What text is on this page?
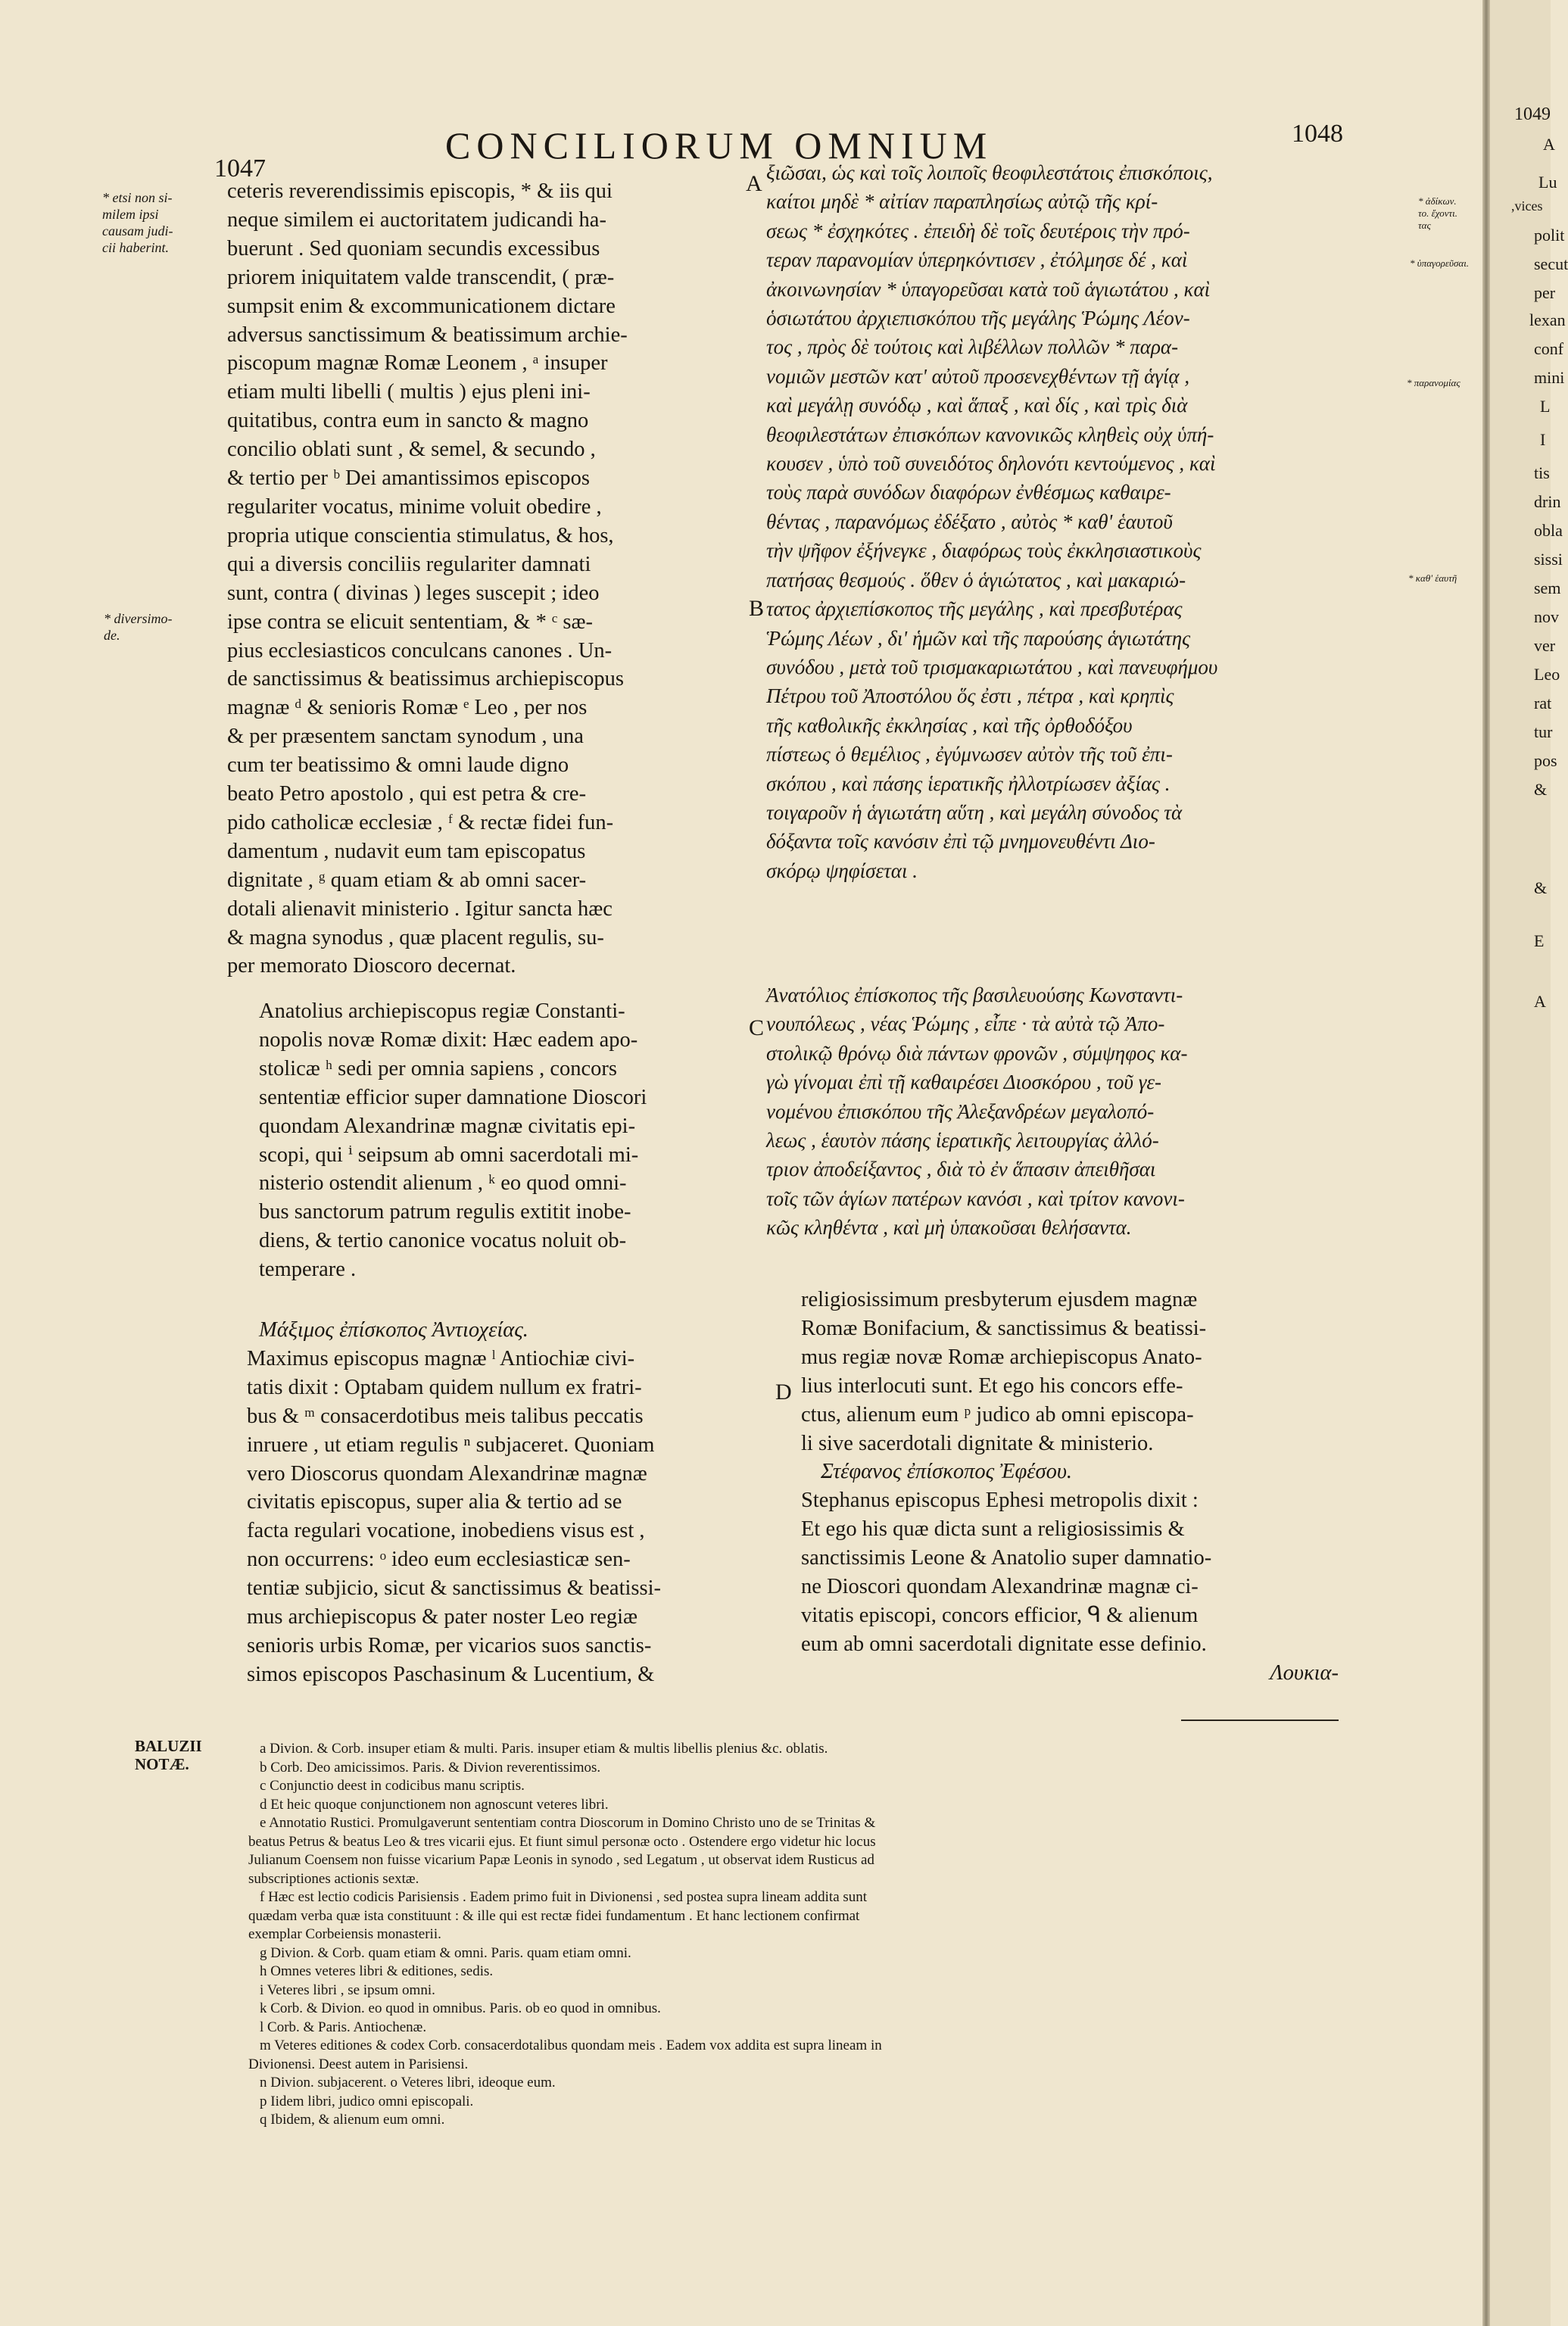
1047
CONCILIORUM OMNIUM	1048
* etsi non si-
milem ipsi
causam judi-
cii haberint.
* diversimo-
de.
* ἀδίκων.
το. ἔχοντι.
τας
* ὑπαγορεῦσαι.
* παρανομίας
* καθ' ἑαυτῆ
A
B
C
D
ceteris reverendissimis episcopis, * & iis qui
neque similem ei auctoritatem judicandi ha-
buerunt . Sed quoniam secundis excessibus
priorem iniquitatem valde transcendit, ( præ-
sumpsit enim & excommunicationem dictare
adversus sanctissimum & beatissimum archie-
piscopum magnæ Romæ Leonem , ᵃ insuper
etiam multi libelli ( multis ) ejus pleni ini-
quitatibus, contra eum in sancto & magno
concilio oblati sunt , & semel, & secundo ,
& tertio per ᵇ Dei amantissimos episcopos
regulariter vocatus, minime voluit obedire ,
propria utique conscientia stimulatus, & hos,
qui a diversis conciliis regulariter damnati
sunt, contra ( divinas ) leges suscepit ; ideo
ipse contra se elicuit sententiam, & * ᶜ sæ-
pius ecclesiasticos conculcans canones . Un-
de sanctissimus & beatissimus archiepiscopus
magnæ ᵈ & senioris Romæ ᵉ Leo , per nos
& per præsentem sanctam synodum , una
cum ter beatissimo & omni laude digno
beato Petro apostolo , qui est petra & cre-
pido catholicæ ecclesiæ , ᶠ & rectæ fidei fun-
damentum , nudavit eum tam episcopatus
dignitate , ᵍ quam etiam & ab omni sacer-
dotali alienavit ministerio . Igitur sancta hæc
& magna synodus , quæ placent regulis, su-
per memorato Dioscoro decernat.
Anatolius archiepiscopus regiæ Constanti-
nopolis novæ Romæ dixit: Hæc eadem apo-
stolicæ ʰ sedi per omnia sapiens , concors
sententiæ efficior super damnatione Dioscori
quondam Alexandrinæ magnæ civitatis epi-
scopi, qui ⁱ seipsum ab omni sacerdotali mi-
nisterio ostendit alienum , ᵏ eo quod omni-
bus sanctorum patrum regulis extitit inobe-
diens, & tertio canonice vocatus noluit ob-
temperare .
ξιῶσαι, ὡς καὶ τοῖς λοιποῖς θεοφιλεστάτοις ἐπισκόποις,
καίτοι μηδὲ * αἰτίαν παραπλησίως αὐτῷ τῆς κρί-
σεως * ἐσχηκότες . ἐπειδὴ δὲ τοῖς δευτέροις τὴν πρό-
τεραν παρανομίαν ὑπερηκόντισεν , ἐτόλμησε δέ , καὶ
ἀκοινωνησίαν * ὑπαγορεῦσαι κατὰ τοῦ ἁγιωτάτου , καὶ
ὁσιωτάτου ἀρχιεπισκόπου τῆς μεγάλης Ῥώμης Λέον-
τος , πρὸς δὲ τούτοις καὶ λιβέλλων πολλῶν * παρα-
νομιῶν μεστῶν κατ' αὐτοῦ προσενεχθέντων τῇ ἁγίᾳ ,
καὶ μεγάλῃ συνόδῳ , καὶ ἅπαξ , καὶ δίς , καὶ τρὶς διὰ
θεοφιλεστάτων ἐπισκόπων κανονικῶς κληθεὶς οὐχ ὑπή-
κουσεν , ὑπὸ τοῦ συνειδότος δηλονότι κεντούμενος , καὶ
τοὺς παρὰ συνόδων διαφόρων ἐνθέσμως καθαιρε-
θέντας , παρανόμως ἐδέξατο , αὐτὸς * καθ' ἑαυτοῦ
τὴν ψῆφον ἐξήνεγκε , διαφόρως τοὺς ἐκκλησιαστικοὺς
πατήσας θεσμούς . ὅθεν ὁ ἁγιώτατος , καὶ μακαριώ-
τατος ἀρχιεπίσκοπος τῆς μεγάλης , καὶ πρεσβυτέρας
Ῥώμης Λέων , δι' ἡμῶν καὶ τῆς παρούσης ἁγιωτάτης
συνόδου , μετὰ τοῦ τρισμακαριωτάτου , καὶ πανευφήμου
Πέτρου τοῦ Ἀποστόλου ὅς ἐστι , πέτρα , καὶ κρηπὶς
τῆς καθολικῆς ἐκκλησίας , καὶ τῆς ὀρθοδόξου
πίστεως ὁ θεμέλιος , ἐγύμνωσεν αὐτὸν τῆς τοῦ ἐπι-
σκόπου , καὶ πάσης ἱερατικῆς ἠλλοτρίωσεν ἀξίας .
τοιγαροῦν ἡ ἁγιωτάτη αὕτη , καὶ μεγάλη σύνοδος τὰ
δόξαντα τοῖς κανόσιν ἐπὶ τῷ μνημονευθέντι Διο-
σκόρῳ ψηφίσεται .
Ἀνατόλιος ἐπίσκοπος τῆς βασιλευούσης Κωνσταντι-
νουπόλεως , νέας Ῥώμης , εἶπε · τὰ αὐτὰ τῷ Ἀπο-
στολικῷ θρόνῳ διὰ πάντων φρονῶν , σύμψηφος κα-
γὼ γίνομαι ἐπὶ τῇ καθαιρέσει Διοσκόρου , τοῦ γε-
νομένου ἐπισκόπου τῆς Ἀλεξανδρέων μεγαλοπό-
λεως , ἑαυτὸν πάσης ἱερατικῆς λειτουργίας ἀλλό-
τριον ἀποδείξαντος , διὰ τὸ ἐν ἅπασιν ἀπειθῆσαι
τοῖς τῶν ἁγίων πατέρων κανόσι , καὶ τρίτον κανονι-
κῶς κληθέντα , καὶ μὴ ὑπακοῦσαι θελήσαντα.
Μάξιμος ἐπίσκοπος Ἀντιοχείας.
Maximus episcopus magnæ ˡ Antiochiæ civi-
tatis dixit : Optabam quidem nullum ex fratri-
bus & ᵐ consacerdotibus meis talibus peccatis
inruere , ut etiam regulis ⁿ subjaceret. Quoniam
vero Dioscorus quondam Alexandrinæ magnæ
civitatis episcopus, super alia & tertio ad se
facta regulari vocatione, inobediens visus est ,
non occurrens: ᵒ ideo eum ecclesiasticæ sen-
tentiæ subjicio, sicut & sanctissimus & beatissi-
mus archiepiscopus & pater noster Leo regiæ
senioris urbis Romæ, per vicarios suos sanctis-
simos episcopos Paschasinum & Lucentium, &
religiosissimum presbyterum ejusdem magnæ
Romæ Bonifacium, & sanctissimus & beatissi-
mus regiæ novæ Romæ archiepiscopus Anato-
lius interlocuti sunt. Et ego his concors effe-
ctus, alienum eum ᵖ judico ab omni episcopa-
li sive sacerdotali dignitate & ministerio.
Στέφανος ἐπίσκοπος Ἐφέσου.
Stephanus episcopus Ephesi metropolis dixit :
Et ego his quæ dicta sunt a religiosissimis &
sanctissimis Leone & Anatolio super damnatio-
ne Dioscori quondam Alexandrinæ magnæ ci-
vitatis episcopi, concors efficior, ᑫ & alienum
eum ab omni sacerdotali dignitate esse definio.
Λουκια-
BALUZII
NOTÆ.
a Divion. & Corb. insuper etiam & multi. Paris. insuper etiam & multis libellis plenius &c. oblatis.
b Corb. Deo amicissimos. Paris. & Divion reverentissimos.
c Conjunctio deest in codicibus manu scriptis.
d Et heic quoque conjunctionem non agnoscunt veteres libri.
e Annotatio Rustici. Promulgaverunt sententiam contra Dioscorum in Domino Christo uno de se Trinitas &
beatus Petrus & beatus Leo & tres vicarii ejus. Et fiunt simul personæ octo . Ostendere ergo videtur hic locus
Julianum Coensem non fuisse vicarium Papæ Leonis in synodo , sed Legatum , ut observat idem Rusticus ad
subscriptiones actionis sextæ.
f Hæc est lectio codicis Parisiensis . Eadem primo fuit in Divionensi , sed postea supra lineam addita sunt
quædam verba quæ ista constituunt : & ille qui est rectæ fidei fundamentum . Et hanc lectionem confirmat
exemplar Corbeiensis monasterii.
g Divion. & Corb. quam etiam & omni. Paris. quam etiam omni.
h Omnes veteres libri & editiones, sedis.
i Veteres libri , se ipsum omni.
k Corb. & Divion. eo quod in omnibus. Paris. ob eo quod in omnibus.
l Corb. & Paris. Antiochenæ.
m Veteres editiones & codex Corb. consacerdotalibus quondam meis . Eadem vox addita est supra lineam in
Divionensi. Deest autem in Parisiensi.
n Divion. subjacerent. o Veteres libri, ideoque eum.
p Iidem libri, judico omni episcopali.
q Ibidem, & alienum eum omni.
1049
A
Lu
,vices
polit
secut
per
lexan
conf
mini
L
I
tis
drin
obla
sissi
sem
nov
ver
Leo
rat
tur
pos
&
&
Ε
Α
